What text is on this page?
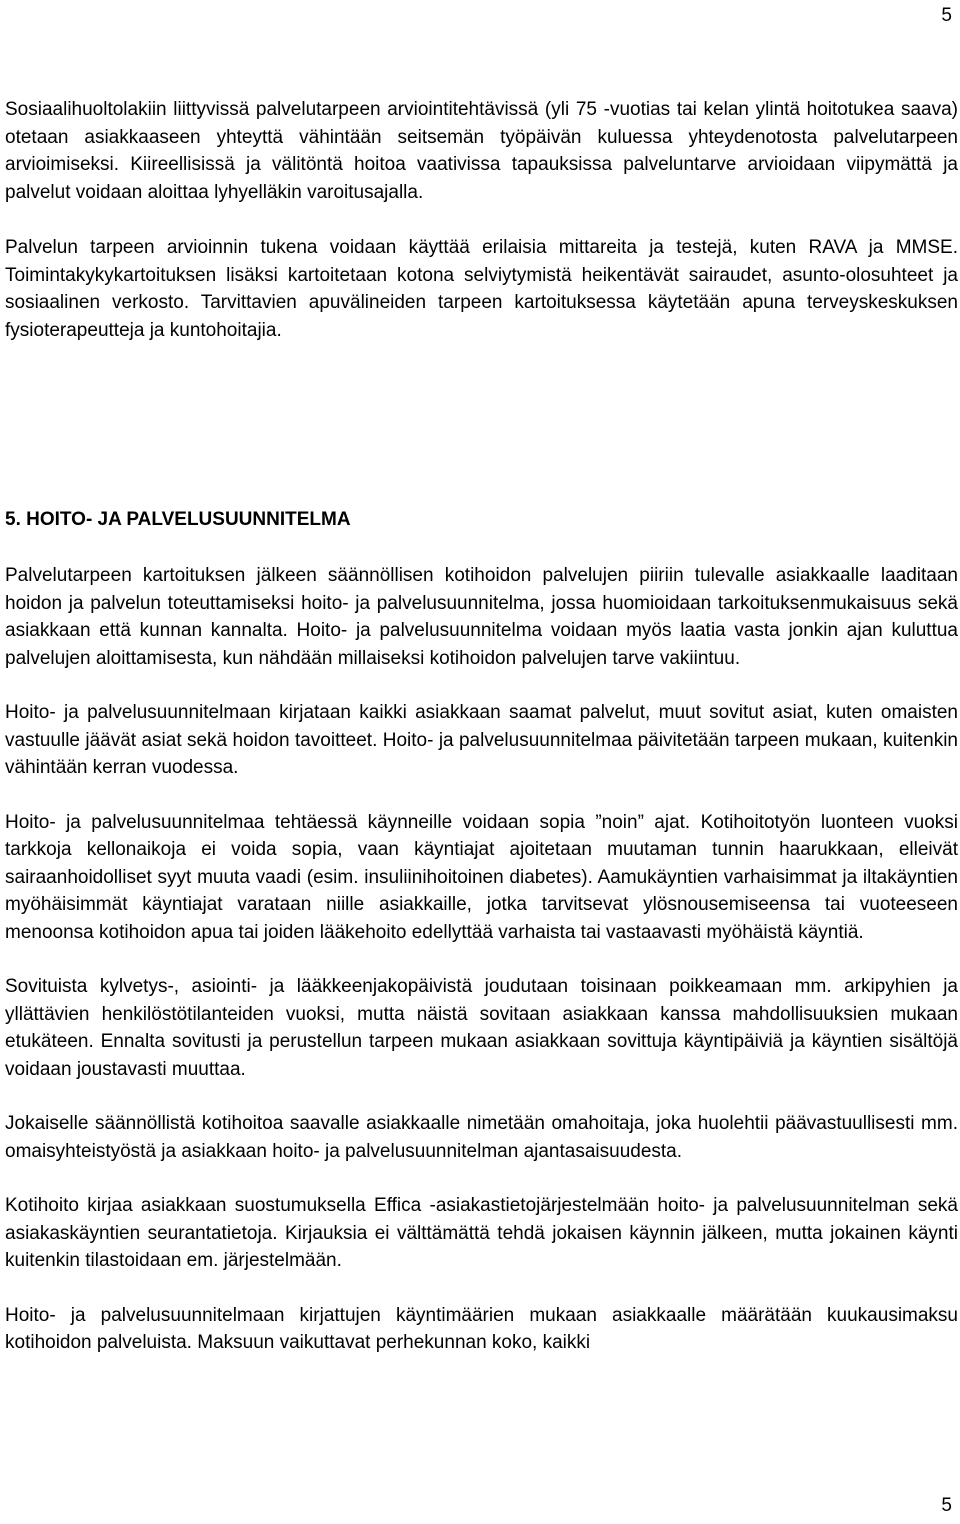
5

Sosiaalihuoltolakiin liittyvissä palvelutarpeen arviointitehtävissä (yli 75 -vuotias tai kelan ylintä hoitotukea saava) otetaan asiakkaaseen yhteyttä vähintään seitsemän työpäivän kuluessa yhteydenotosta palvelutarpeen arvioimiseksi. Kiireellisissä ja välitöntä hoitoa vaativissa tapauksissa palveluntarve arvioidaan viipymättä ja palvelut voidaan aloittaa lyhyelläkin varoitusajalla.

Palvelun tarpeen arvioinnin tukena voidaan käyttää erilaisia mittareita ja testejä, kuten RAVA ja MMSE. Toimintakykykartoituksen lisäksi kartoitetaan kotona selviytymistä heikentävät sairaudet, asunto-olosuhteet ja sosiaalinen verkosto. Tarvittavien apuvälineiden tarpeen kartoituksessa käytetään apuna terveyskeskuksen fysioterapeutteja ja kuntohoitajia.

5. HOITO- JA PALVELUSUUNNITELMA

Palvelutarpeen kartoituksen jälkeen säännöllisen kotihoidon palvelujen piiriin tulevalle asiakkaalle laaditaan hoidon ja palvelun toteuttamiseksi hoito- ja palvelusuunnitelma, jossa huomioidaan tarkoituksenmukaisuus sekä asiakkaan että kunnan kannalta. Hoito- ja palvelusuunnitelma voidaan myös laatia vasta jonkin ajan kuluttua palvelujen aloittamisesta, kun nähdään millaiseksi kotihoidon palvelujen tarve vakiintuu.

Hoito- ja palvelusuunnitelmaan kirjataan kaikki asiakkaan saamat palvelut, muut sovitut asiat, kuten omaisten vastuulle jäävät asiat sekä hoidon tavoitteet. Hoito- ja palvelusuunnitelmaa päivitetään tarpeen mukaan, kuitenkin vähintään kerran vuodessa.

Hoito- ja palvelusuunnitelmaa tehtäessä käynneille voidaan sopia ”noin” ajat. Kotihoitotyön luonteen vuoksi tarkkoja kellonaikoja ei voida sopia, vaan käyntiajat ajoitetaan muutaman tunnin haarukkaan, elleivät sairaanhoidolliset syyt muuta vaadi (esim. insuliinihoitoinen diabetes). Aamukäyntien varhaisimmat ja iltakäyntien myöhäisimmät käyntiajat varataan niille asiakkaille, jotka tarvitsevat ylösnousemiseensa tai vuoteeseen menoonsa kotihoidon apua tai joiden lääkehoito edellyttää varhaista tai vastaavasti myöhäistä käyntiä.

Sovituista kylvetys-, asiointi- ja lääkkeenjakopäivistä joudutaan toisinaan poikkeamaan mm. arkipyhien ja yllättävien henkilöstötilanteiden vuoksi, mutta näistä sovitaan asiakkaan kanssa mahdollisuuksien mukaan etukäteen. Ennalta sovitusti ja perustellun tarpeen mukaan asiakkaan sovittuja käyntipäiviä ja käyntien sisältöjä voidaan joustavasti muuttaa.

Jokaiselle säännöllistä kotihoitoa saavalle asiakkaalle nimetään omahoitaja, joka huolehtii päävastuullisesti mm. omaisyhteistyöstä ja asiakkaan hoito- ja palvelusuunnitelman ajantasaisuudesta.

Kotihoito kirjaa asiakkaan suostumuksella Effica -asiakastietojärjestelmään hoito- ja palvelusuunnitelman sekä asiakaskäyntien seurantatietoja. Kirjauksia ei välttämättä tehdä jokaisen käynnin jälkeen, mutta jokainen käynti kuitenkin tilastoidaan em. järjestelmään.

Hoito- ja palvelusuunnitelmaan kirjattujen käyntimäärien mukaan asiakkaalle määrätään kuukausimaksu kotihoidon palveluista. Maksuun vaikuttavat perhekunnan koko, kaikki

5
